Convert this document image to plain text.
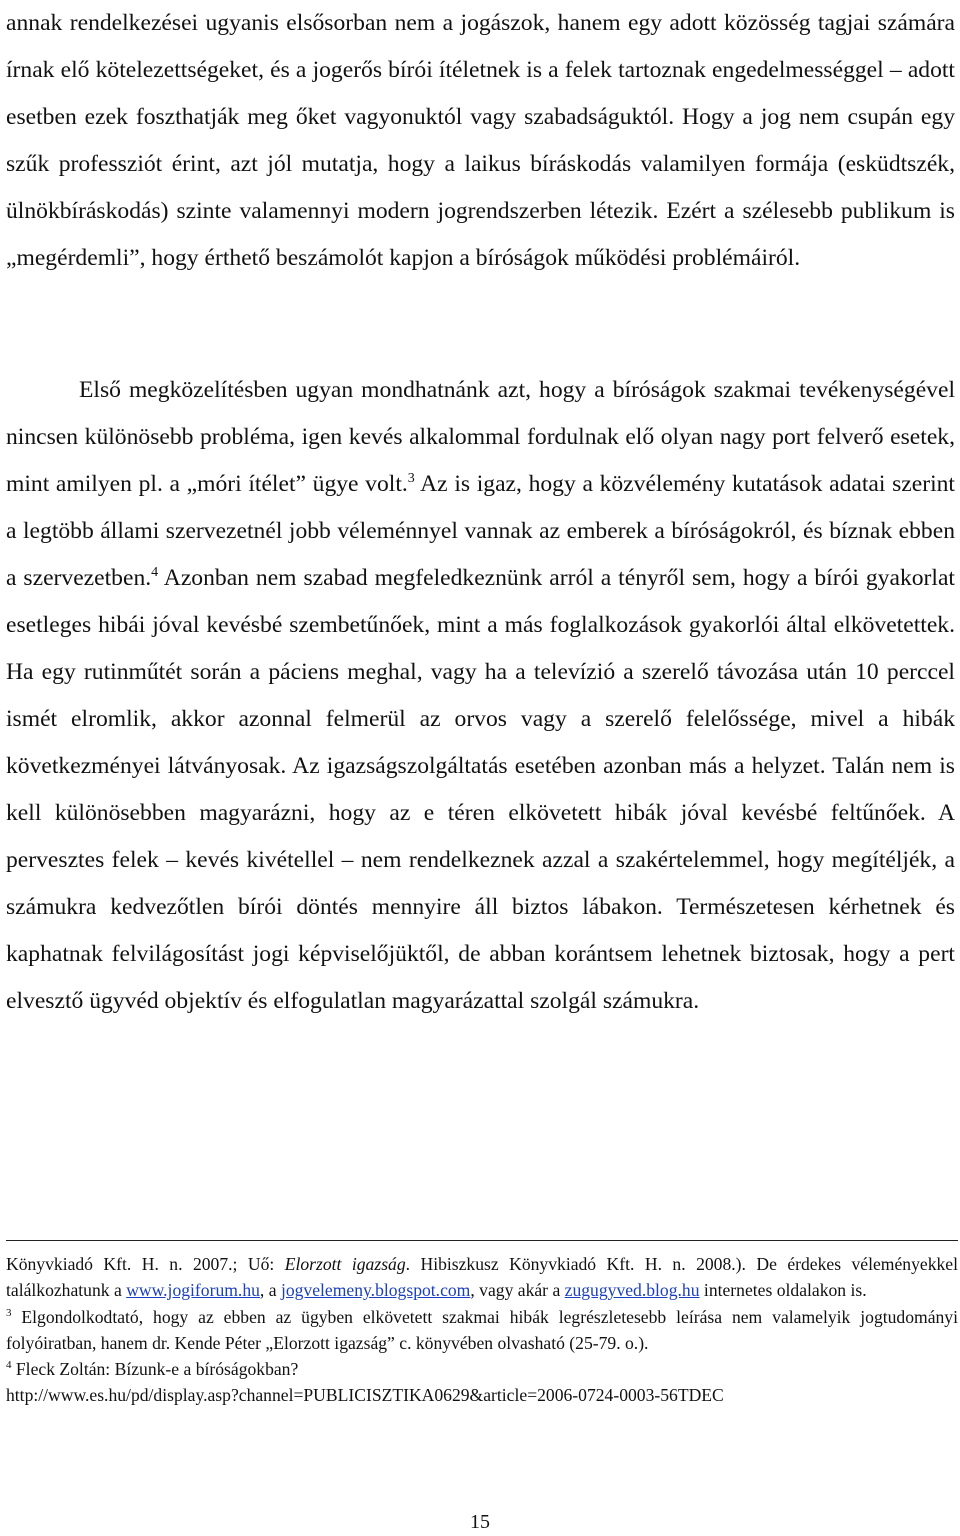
annak rendelkezései ugyanis elsősorban nem a jogászok, hanem egy adott közösség tagjai számára írnak elő kötelezettségeket, és a jogerős bírói ítéletnek is a felek tartoznak engedelmességgel – adott esetben ezek foszthatják meg őket vagyonuktól vagy szabadságuktól. Hogy a jog nem csupán egy szűk professziót érint, azt jól mutatja, hogy a laikus bíráskodás valamilyen formája (esküdtszék, ülnökbíráskodás) szinte valamennyi modern jogrendszerben létezik. Ezért a szélesebb publikum is „megérdemli”, hogy érthető beszámolót kapjon a bíróságok működési problémáiról.

Első megközelítésben ugyan mondhatnánk azt, hogy a bíróságok szakmai tevékenységével nincsen különösebb probléma, igen kevés alkalommal fordulnak elő olyan nagy port felverő esetek, mint amilyen pl. a „móri ítélet” ügye volt.$^3$ Az is igaz, hogy a közvélemény kutatások adatai szerint a legtöbb állami szervezetnél jobb véleménnyel vannak az emberek a bíróságokról, és bíznak ebben a szervezetben.$^4$ Azonban nem szabad megfeledkeznünk arról a tényről sem, hogy a bírói gyakorlat esetleges hibái jóval kevésbé szembetűnőek, mint a más foglalkozások gyakorlói által elkövetettek. Ha egy rutinműtét során a páciens meghal, vagy ha a televízió a szerelő távozása után 10 perccel ismét elromlik, akkor azonnal felmerül az orvos vagy a szerelő felelőssége, mivel a hibák következményei látványosak. Az igazságszolgáltatás esetében azonban más a helyzet. Talán nem is kell különösebben magyarázni, hogy az e téren elkövetett hibák jóval kevésbé feltűnőek. A pervesztes felek – kevés kivétellel – nem rendelkeznek azzal a szakértelemmel, hogy megítéljék, a számukra kedvezőtlen bírói döntés mennyire áll biztos lábakon. Természetesen kérhetnek és kaphatnak felvilágosítást jogi képviselőjüktől, de abban korántsem lehetnek biztosak, hogy a pert elvesztő ügyvéd objektív és elfogulatlan magyarázattal szolgál számukra.

Könyvkiadó Kft. H. n. 2007.; Uő: Elorzott igazság. Hibiszkusz Könyvkiadó Kft. H. n. 2008.). De érdekes véleményekkel találkozhatunk a www.jogiforum.hu, a jogvelemeny.blogspot.com, vagy akár a zugugyved.blog.hu internetes oldalakon is.

$^3$ Elgondolkodtató, hogy az ebben az ügyben elkövetett szakmai hibák legrészletesebb leírása nem valamelyik jogtudományi folyóiratban, hanem dr. Kende Péter „Elorzott igazság” c. könyvében olvasható (25-79. o.).

$^4$ Fleck Zoltán: Bízunk-e a bíróságokban?
http://www.es.hu/pd/display.asp?channel=PUBLICISZTIKA0629&article=2006-0724-0003-56TDEC

15
